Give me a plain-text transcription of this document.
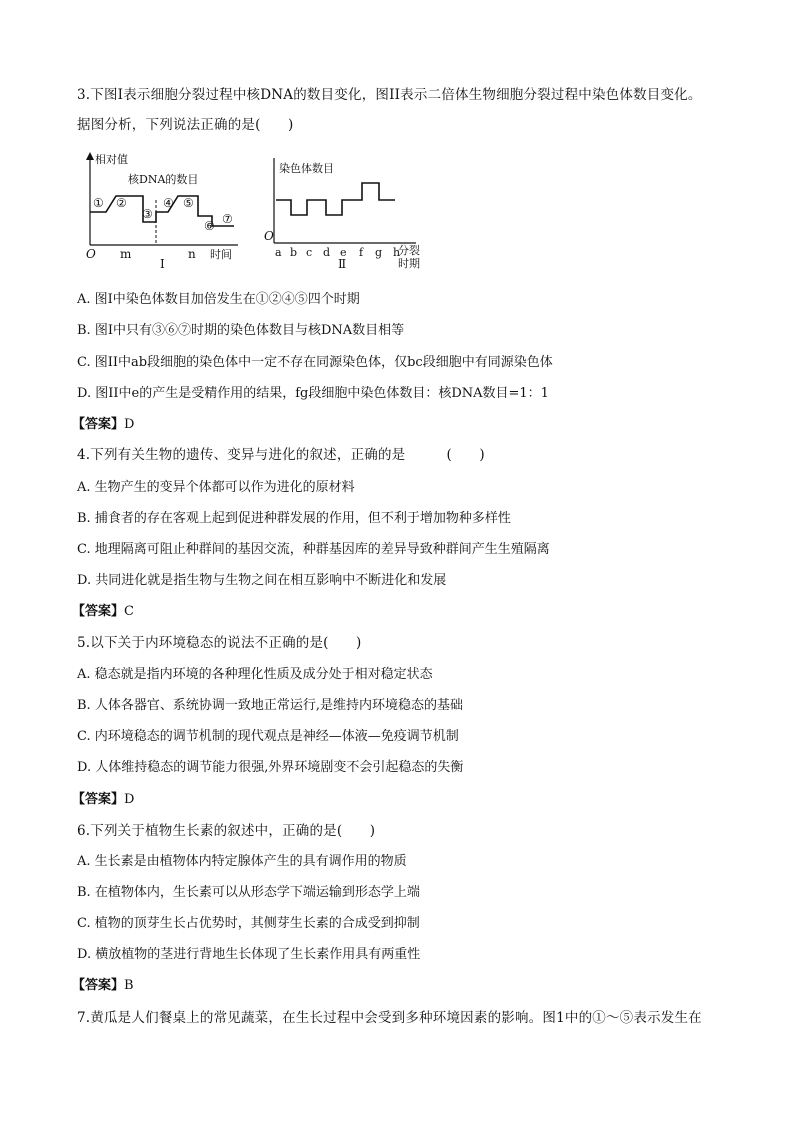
3.下图Ⅰ表示细胞分裂过程中核DNA的数目变化，图II表示二倍体生物细胞分裂过程中染色体数目变化。
据图分析，下列说法正确的是(　　)
相对值
核DNA的数目
① ②
③
④ ⑤
⑥ ⑦
O m	n 时间
Ⅰ
染色体数目
O
a b c d e f g h
分裂
时期
Ⅱ
A. 图Ⅰ中染色体数目加倍发生在①②④⑤四个时期
B. 图Ⅰ中只有③⑥⑦时期的染色体数目与核DNA数目相等
C. 图II中ab段细胞的染色体中一定不存在同源染色体，仅bc段细胞中有同源染色体
D. 图II中e的产生是受精作用的结果，fg段细胞中染色体数目：核DNA数目=1：1
【答案】D
4.下列有关生物的遗传、变异与进化的叙述，正确的是　　　(　　)
A. 生物产生的变异个体都可以作为进化的原材料
B. 捕食者的存在客观上起到促进种群发展的作用，但不利于增加物种多样性
C. 地理隔离可阻止种群间的基因交流，种群基因库的差异导致种群间产生生殖隔离
D. 共同进化就是指生物与生物之间在相互影响中不断进化和发展
【答案】C
5.以下关于内环境稳态的说法不正确的是(　　)
A. 稳态就是指内环境的各种理化性质及成分处于相对稳定状态
B. 人体各器官、系统协调一致地正常运行,是维持内环境稳态的基础
C. 内环境稳态的调节机制的现代观点是神经—体液—免疫调节机制
D. 人体维持稳态的调节能力很强,外界环境剧变不会引起稳态的失衡
【答案】D
6.下列关于植物生长素的叙述中，正确的是(　　)
A. 生长素是由植物体内特定腺体产生的具有调作用的物质
B. 在植物体内，生长素可以从形态学下端运输到形态学上端
C. 植物的顶芽生长占优势时，其侧芽生长素的合成受到抑制
D. 横放植物的茎进行背地生长体现了生长素作用具有两重性
【答案】B
7.黄瓜是人们餐桌上的常见蔬菜，在生长过程中会受到多种环境因素的影响。图1中的①～⑤表示发生在
